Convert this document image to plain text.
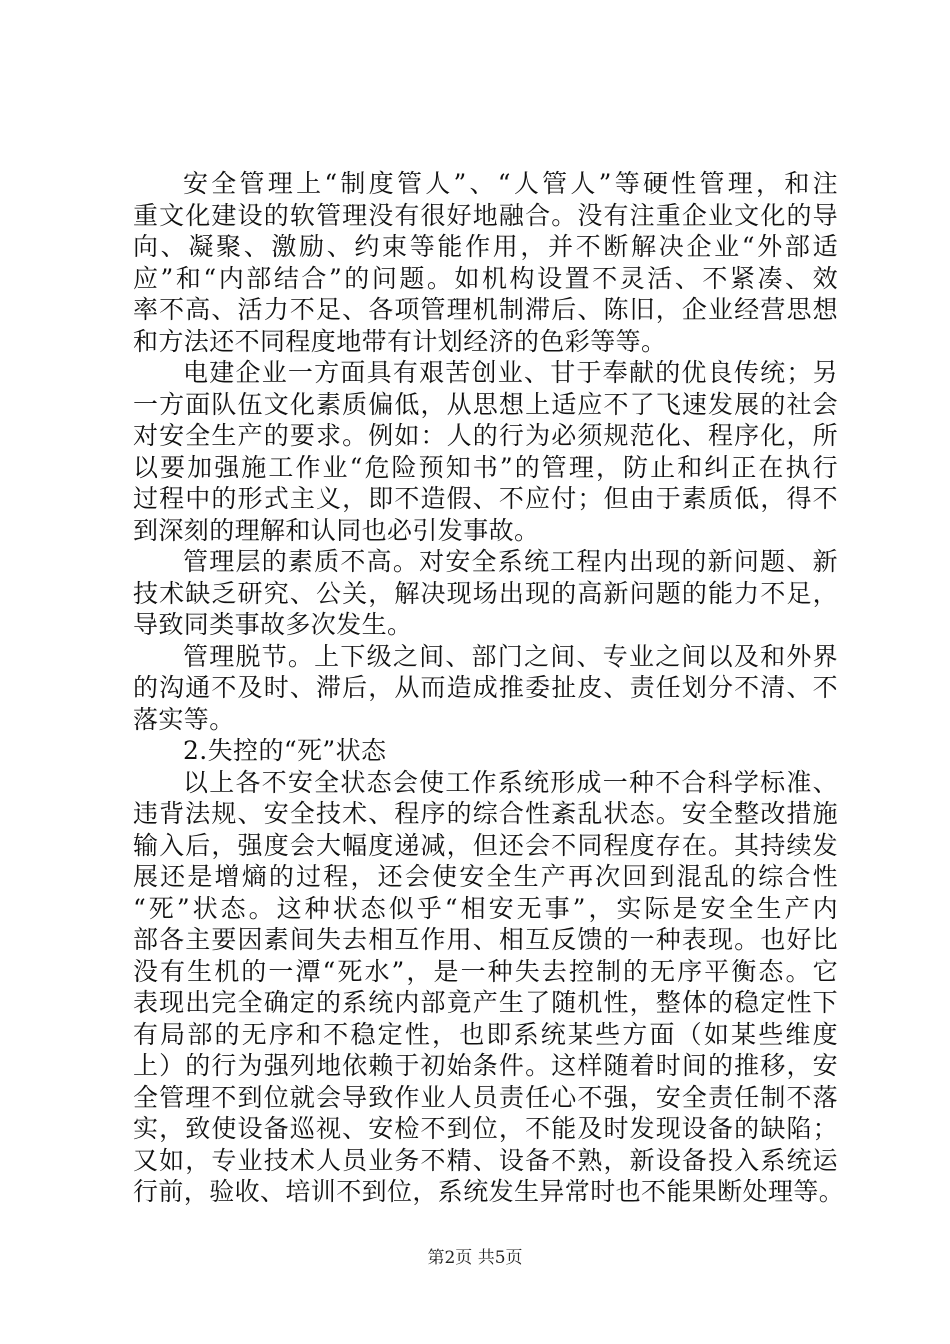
安全管理上“制度管人”、“人管人”等硬性管理，和注
重文化建设的软管理没有很好地融合。没有注重企业文化的导
向、凝聚、激励、约束等能作用，并不断解决企业“外部适
应”和“内部结合”的问题。如机构设置不灵活、不紧凑、效
率不高、活力不足、各项管理机制滞后、陈旧，企业经营思想
和方法还不同程度地带有计划经济的色彩等等。
电建企业一方面具有艰苦创业、甘于奉献的优良传统；另
一方面队伍文化素质偏低，从思想上适应不了飞速发展的社会
对安全生产的要求。例如：人的行为必须规范化、程序化，所
以要加强施工作业“危险预知书”的管理，防止和纠正在执行
过程中的形式主义，即不造假、不应付；但由于素质低，得不
到深刻的理解和认同也必引发事故。
管理层的素质不高。对安全系统工程内出现的新问题、新
技术缺乏研究、公关，解决现场出现的高新问题的能力不足，
导致同类事故多次发生。
管理脱节。上下级之间、部门之间、专业之间以及和外界
的沟通不及时、滞后，从而造成推委扯皮、责任划分不清、不
落实等。
2.失控的“死”状态
以上各不安全状态会使工作系统形成一种不合科学标准、
违背法规、安全技术、程序的综合性紊乱状态。安全整改措施
输入后，强度会大幅度递减，但还会不同程度存在。其持续发
展还是增熵的过程，还会使安全生产再次回到混乱的综合性
“死”状态。这种状态似乎“相安无事”，实际是安全生产内
部各主要因素间失去相互作用、相互反馈的一种表现。也好比
没有生机的一潭“死水”，是一种失去控制的无序平衡态。它
表现出完全确定的系统内部竟产生了随机性，整体的稳定性下
有局部的无序和不稳定性，也即系统某些方面（如某些维度
上）的行为强列地依赖于初始条件。这样随着时间的推移，安
全管理不到位就会导致作业人员责任心不强，安全责任制不落
实，致使设备巡视、安检不到位，不能及时发现设备的缺陷；
又如，专业技术人员业务不精、设备不熟，新设备投入系统运
行前，验收、培训不到位，系统发生异常时也不能果断处理等。
第2页 共5页
